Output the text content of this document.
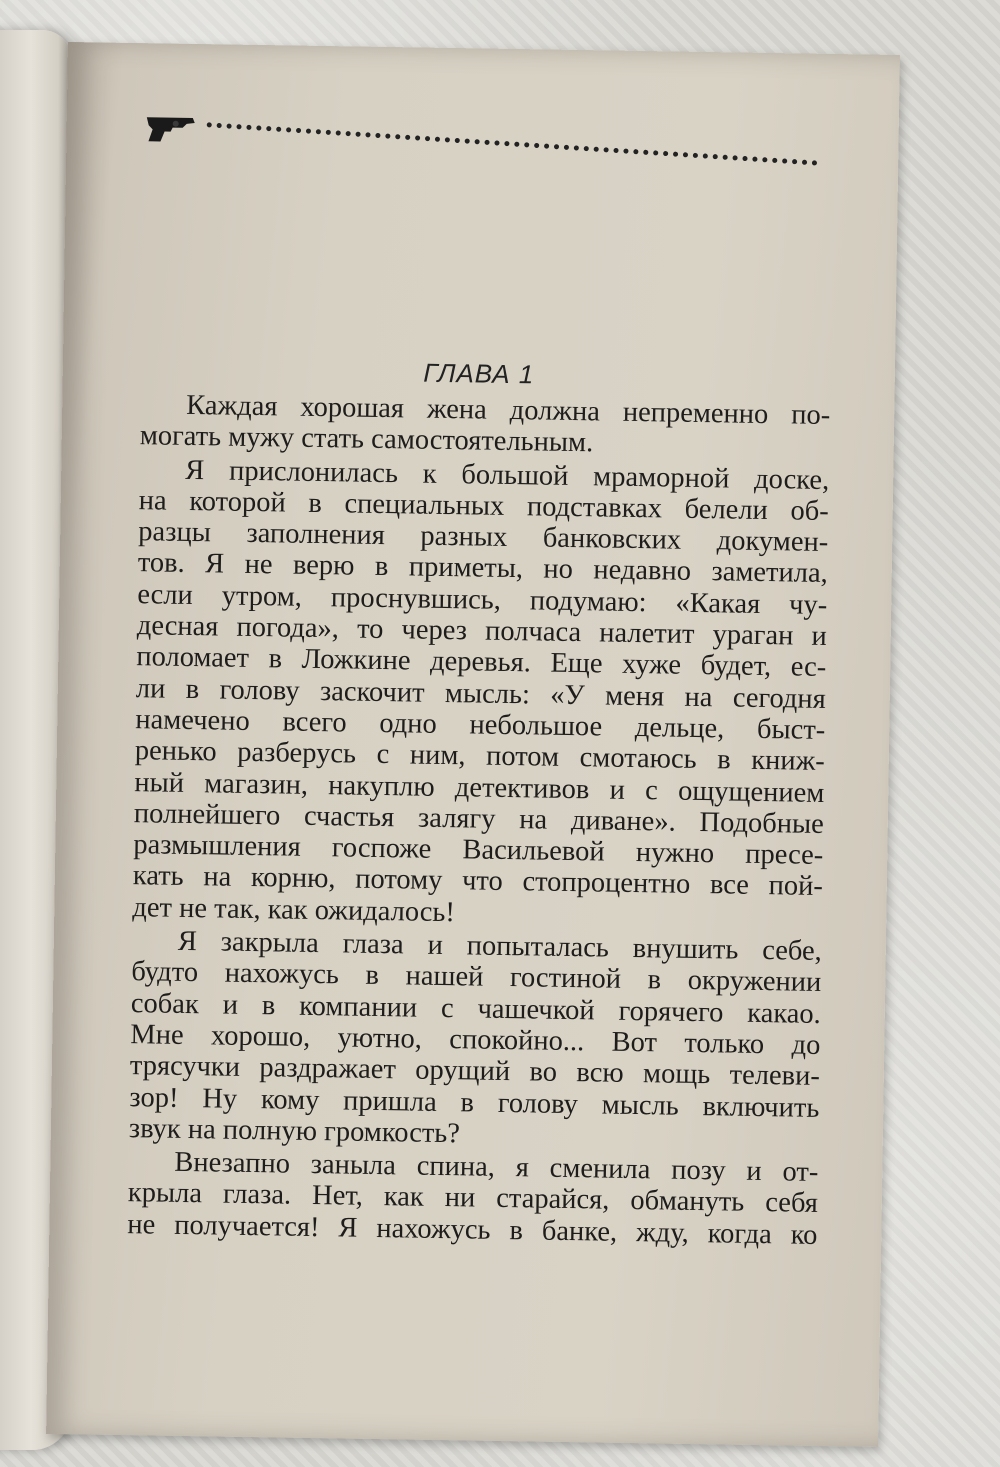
ГЛАВА 1
Каждая хорошая жена должна непременно по-
могать мужу стать самостоятельным.
Я прислонилась к большой мраморной доске,
на которой в специальных подставках белели об-
разцы заполнения разных банковских докумен-
тов. Я не верю в приметы, но недавно заметила,
если утром, проснувшись, подумаю: «Какая чу-
десная погода», то через полчаса налетит ураган и
поломает в Ложкине деревья. Еще хуже будет, ес-
ли в голову заскочит мысль: «У меня на сегодня
намечено всего одно небольшое дельце, быст-
ренько разберусь с ним, потом смотаюсь в книж-
ный магазин, накуплю детективов и с ощущением
полнейшего счастья залягу на диване». Подобные
размышления госпоже Васильевой нужно пресе-
кать на корню, потому что стопроцентно все пой-
дет не так, как ожидалось!
Я закрыла глаза и попыталась внушить себе,
будто нахожусь в нашей гостиной в окружении
собак и в компании с чашечкой горячего какао.
Мне хорошо, уютно, спокойно... Вот только до
трясучки раздражает орущий во всю мощь телеви-
зор! Ну кому пришла в голову мысль включить
звук на полную громкость?
Внезапно заныла спина, я сменила позу и от-
крыла глаза. Нет, как ни старайся, обмануть себя
не получается! Я нахожусь в банке, жду, когда ко
